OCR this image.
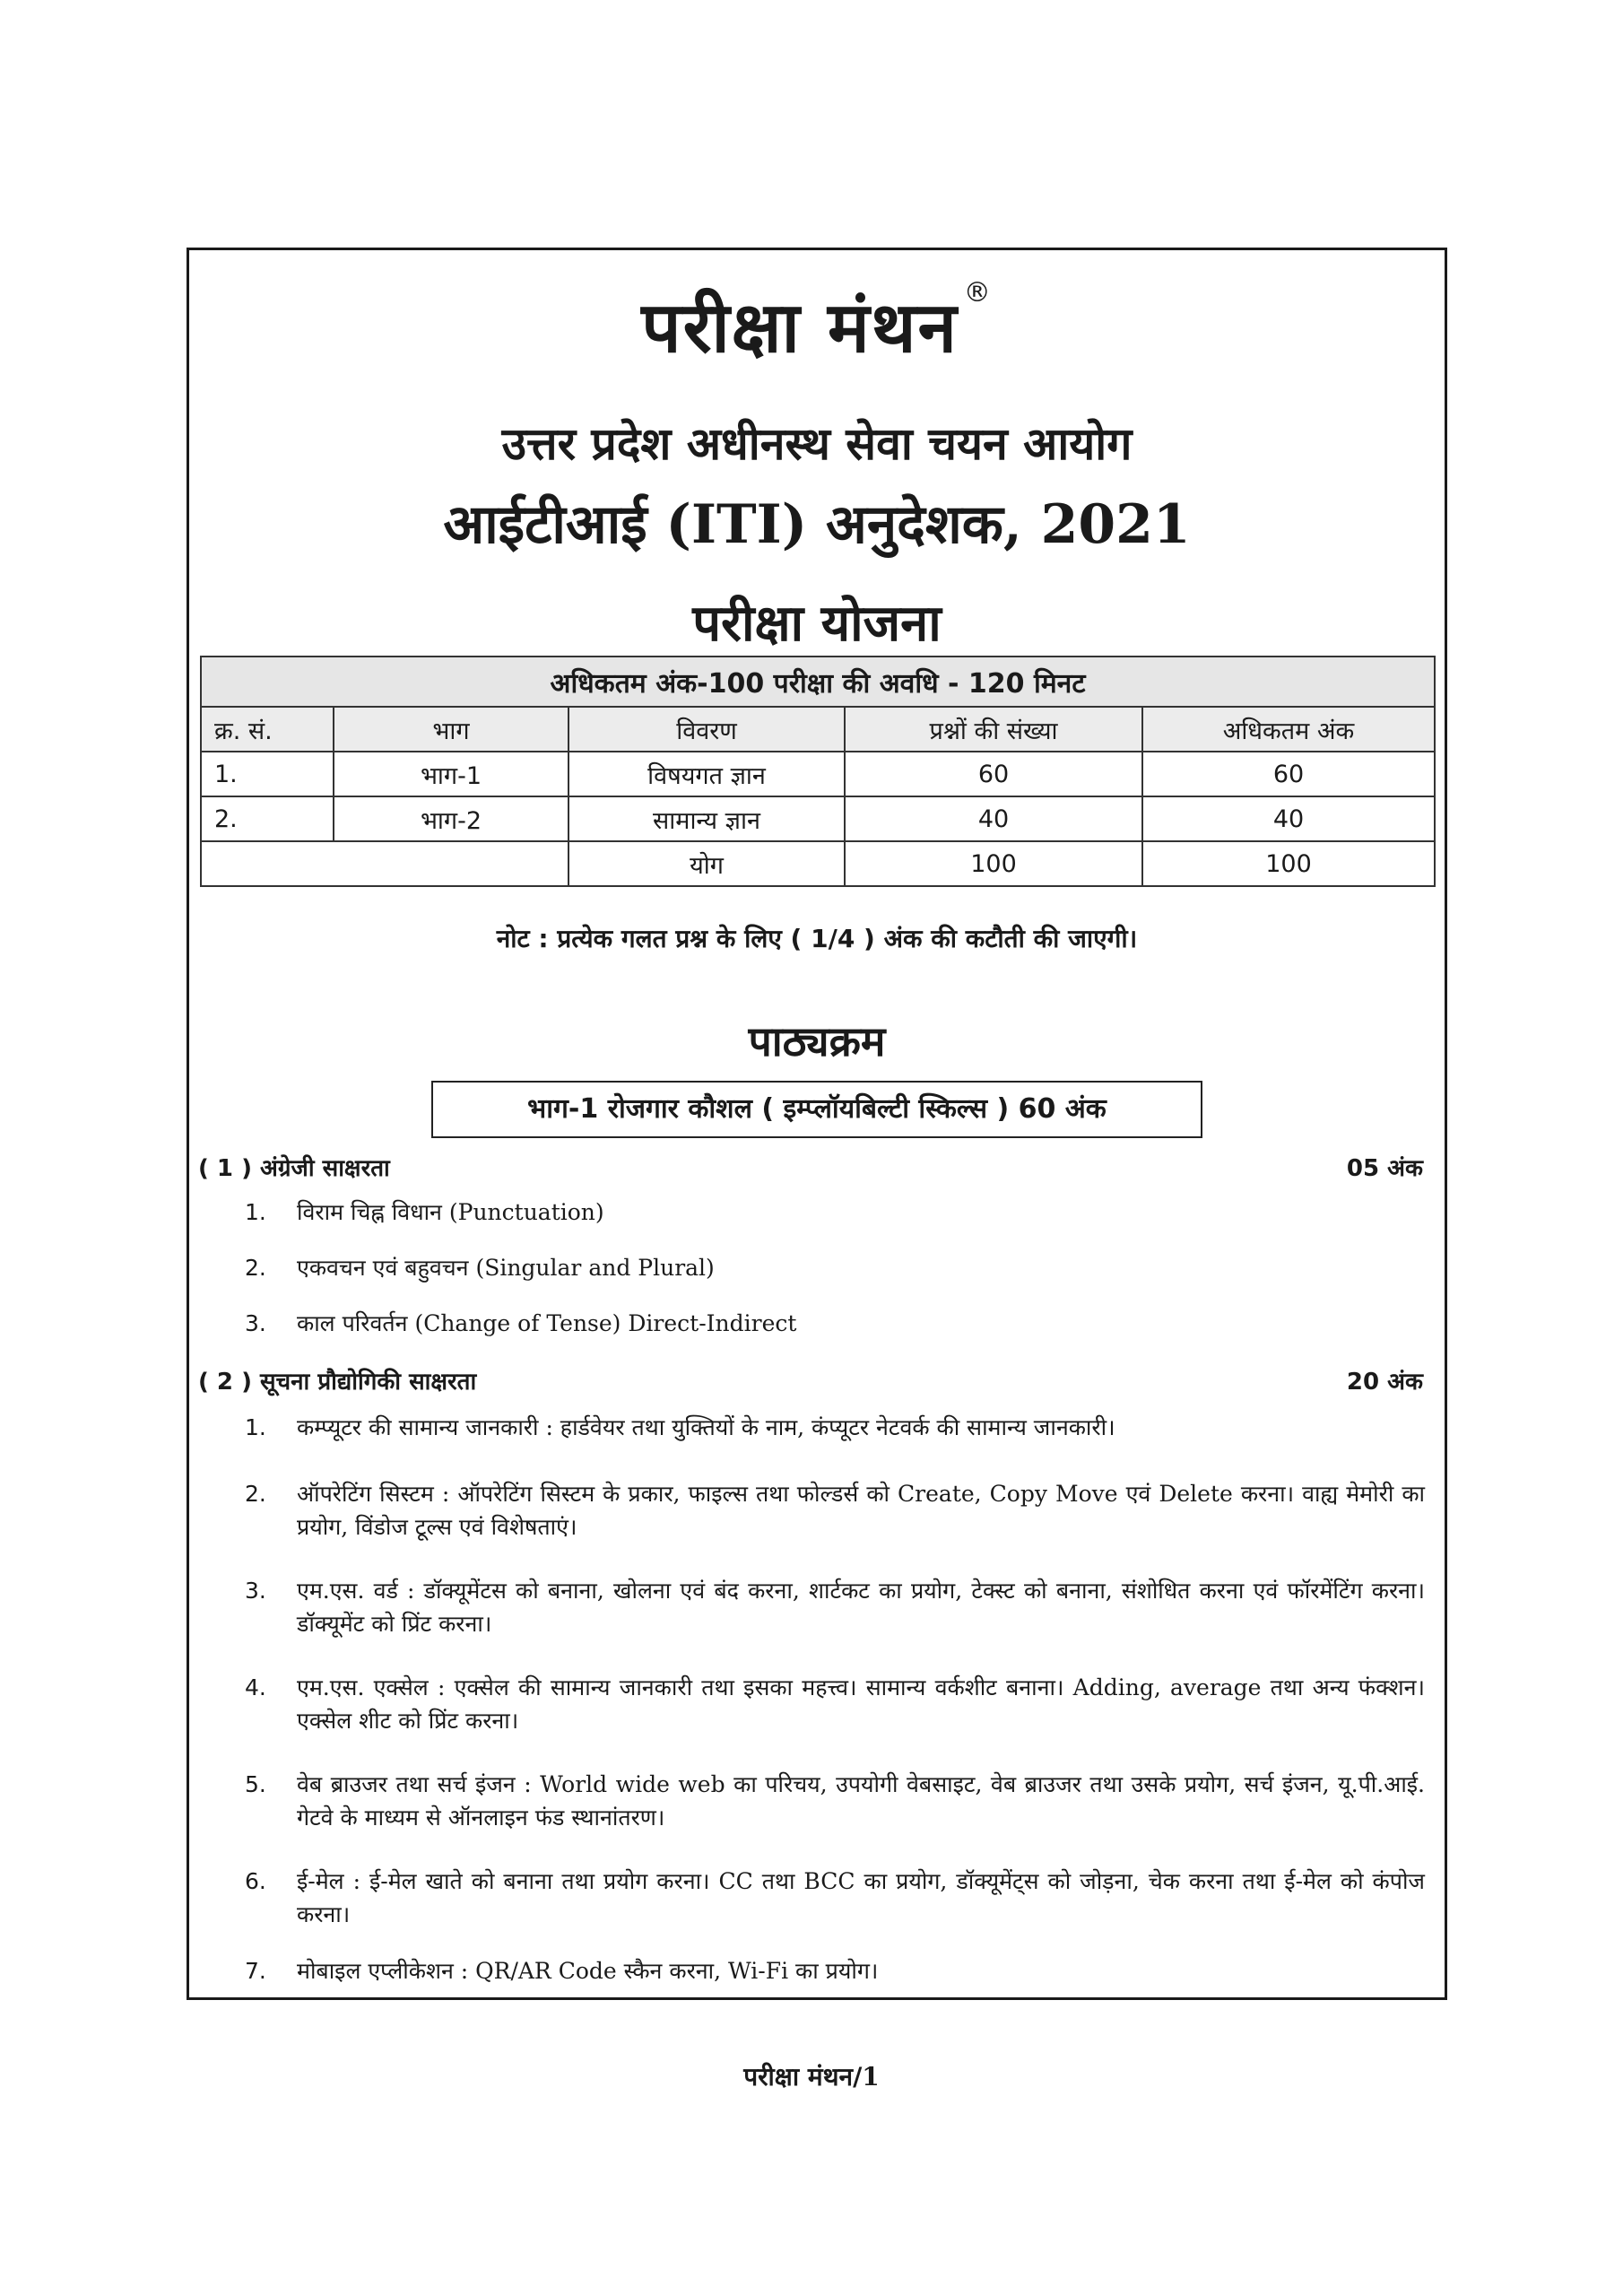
परीक्षा मंथन ®
उत्तर प्रदेश अधीनस्थ सेवा चयन आयोग
आईटीआई (ITI) अनुदेशक, 2021
परीक्षा योजना
अधिकतम अंक-100 परीक्षा की अवधि - 120 मिनट				
क्र. सं.	भाग	विवरण	प्रश्नों की संख्या	अधिकतम अंक
1.	भाग-1	विषयगत ज्ञान	60	60
2.	भाग-2	सामान्य ज्ञान	40	40
		योग	100	100
नोट : प्रत्येक गलत प्रश्न के लिए ( 1/4 ) अंक की कटौती की जाएगी।
पाठ्यक्रम
भाग-1 रोजगार कौशल ( इम्प्लॉयबिल्टी स्किल्स ) 60 अंक
( 1 ) अंग्रेजी साक्षरता	05 अंक
1.	विराम चिह्न विधान (Punctuation)
2.	एकवचन एवं बहुवचन (Singular and Plural)
3.	काल परिवर्तन (Change of Tense) Direct-Indirect
( 2 ) सूचना प्रौद्योगिकी साक्षरता	20 अंक
1.	कम्प्यूटर की सामान्य जानकारी : हार्डवेयर तथा युक्तियों के नाम, कंप्यूटर नेटवर्क की सामान्य जानकारी।
2.	ऑपरेटिंग सिस्टम : ऑपरेटिंग सिस्टम के प्रकार, फाइल्स तथा फोल्डर्स को Create, Copy Move एवं Delete करना। वाह्य मेमोरी का प्रयोग, विंडोज टूल्स एवं विशेषताएं।
3.	एम.एस. वर्ड : डॉक्यूमेंटस को बनाना, खोलना एवं बंद करना, शार्टकट का प्रयोग, टेक्स्ट को बनाना, संशोधित करना एवं फॉरमेंटिंग करना। डॉक्यूमेंट को प्रिंट करना।
4.	एम.एस. एक्सेल : एक्सेल की सामान्य जानकारी तथा इसका महत्त्व। सामान्य वर्कशीट बनाना। Adding, average तथा अन्य फंक्शन। एक्सेल शीट को प्रिंट करना।
5.	वेब ब्राउजर तथा सर्च इंजन : World wide web का परिचय, उपयोगी वेबसाइट, वेब ब्राउजर तथा उसके प्रयोग, सर्च इंजन, यू.पी.आई. गेटवे के माध्यम से ऑनलाइन फंड स्थानांतरण।
6.	ई-मेल : ई-मेल खाते को बनाना तथा प्रयोग करना। CC तथा BCC का प्रयोग, डॉक्यूमेंट्स को जोड़ना, चेक करना तथा ई-मेल को कंपोज करना।
7.	मोबाइल एप्लीकेशन : QR/AR Code स्कैन करना, Wi-Fi का प्रयोग।
परीक्षा मंथन/1
